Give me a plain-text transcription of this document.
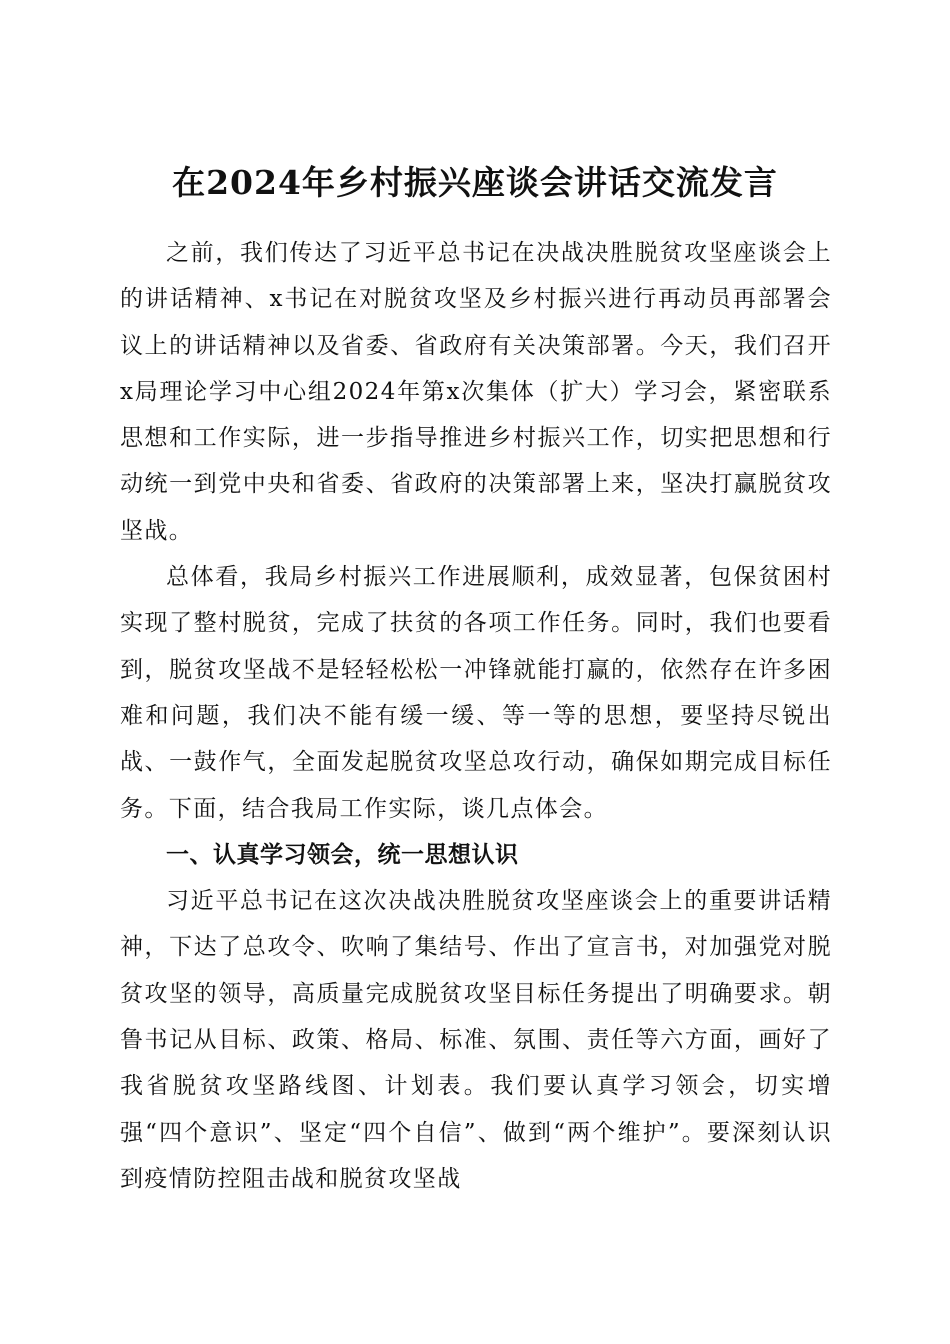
在2024年乡村振兴座谈会讲话交流发言

之前，我们传达了习近平总书记在决战决胜脱贫攻坚座谈会上的讲话精神、x书记在对脱贫攻坚及乡村振兴进行再动员再部署会议上的讲话精神以及省委、省政府有关决策部署。今天，我们召开x局理论学习中心组2024年第x次集体（扩大）学习会，紧密联系思想和工作实际，进一步指导推进乡村振兴工作，切实把思想和行动统一到党中央和省委、省政府的决策部署上来，坚决打赢脱贫攻坚战。

总体看，我局乡村振兴工作进展顺利，成效显著，包保贫困村实现了整村脱贫，完成了扶贫的各项工作任务。同时，我们也要看到，脱贫攻坚战不是轻轻松松一冲锋就能打赢的，依然存在许多困难和问题，我们决不能有缓一缓、等一等的思想，要坚持尽锐出战、一鼓作气，全面发起脱贫攻坚总攻行动，确保如期完成目标任务。下面，结合我局工作实际，谈几点体会。

一、认真学习领会，统一思想认识

习近平总书记在这次决战决胜脱贫攻坚座谈会上的重要讲话精神，下达了总攻令、吹响了集结号、作出了宣言书，对加强党对脱贫攻坚的领导，高质量完成脱贫攻坚目标任务提出了明确要求。朝鲁书记从目标、政策、格局、标准、氛围、责任等六方面，画好了我省脱贫攻坚路线图、计划表。我们要认真学习领会，切实增强“四个意识”、坚定“四个自信”、做到“两个维护”。要深刻认识到疫情防控阻击战和脱贫攻坚战
